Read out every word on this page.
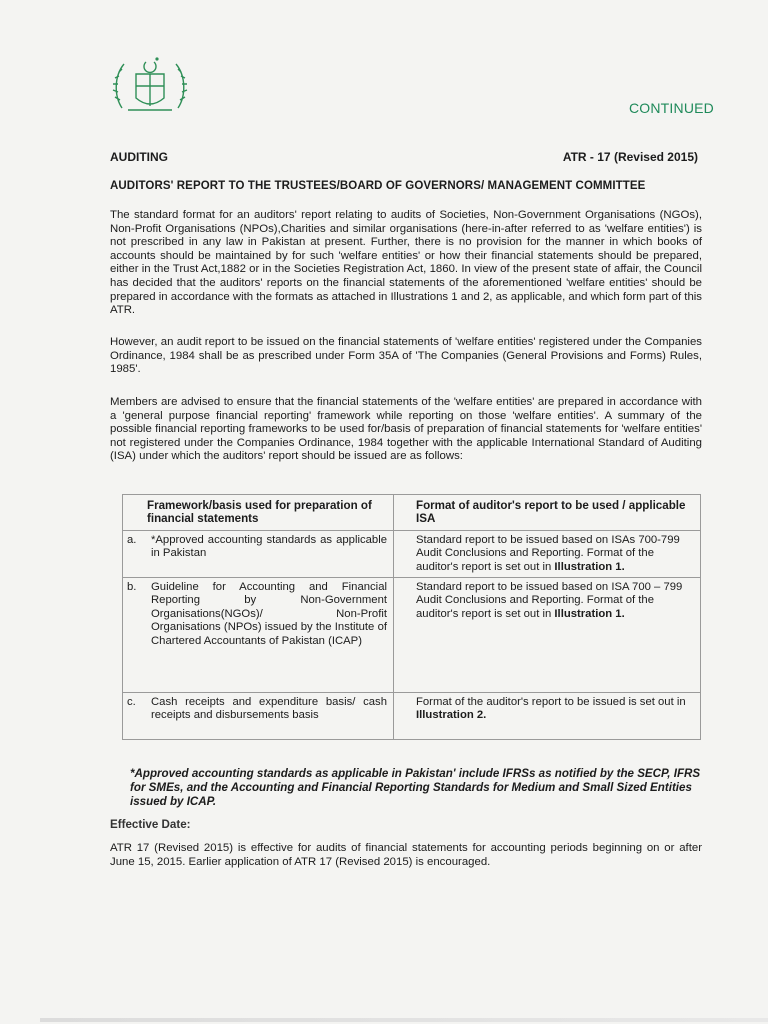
CONTINUED
AUDITING	ATR - 17 (Revised 2015)
AUDITORS' REPORT TO THE TRUSTEES/BOARD OF GOVERNORS/ MANAGEMENT COMMITTEE
The standard format for an auditors' report relating to audits of Societies, Non-Government Organisations (NGOs), Non-Profit Organisations (NPOs),Charities and similar organisations (here-in-after referred to as 'welfare entities') is not prescribed in any law in Pakistan at present. Further, there is no provision for the manner in which books of accounts should be maintained by for such 'welfare entities' or how their financial statements should be prepared, either in the Trust Act,1882 or in the Societies Registration Act, 1860. In view of the present state of affair, the Council has decided that the auditors' reports on the financial statements of the aforementioned 'welfare entities' should be prepared in accordance with the formats as attached in Illustrations 1 and 2, as applicable, and which form part of this ATR.
However, an audit report to be issued on the financial statements of 'welfare entities' registered under the Companies Ordinance, 1984 shall be as prescribed under Form 35A of 'The Companies (General Provisions and Forms) Rules, 1985'.
Members are advised to ensure that the financial statements of the 'welfare entities' are prepared in accordance with a 'general purpose financial reporting' framework while reporting on those 'welfare entities'. A summary of the possible financial reporting frameworks to be used for/basis of preparation of financial statements for 'welfare entities' not registered under the Companies Ordinance, 1984 together with the applicable International Standard of Auditing (ISA) under which the auditors' report should be issued are as follows:
Framework/basis used for preparation of financial statements		Format of auditor's report to be used / applicable ISA
a.	*Approved accounting standards as applicable in Pakistan	Standard report to be issued based on ISAs 700-799 Audit Conclusions and Reporting. Format of the auditor's report is set out in Illustration 1.
b.	Guideline for Accounting and Financial Reporting by Non-Government Organisations(NGOs)/ Non-Profit Organisations (NPOs) issued by the Institute of Chartered Accountants of Pakistan (ICAP)	Standard report to be issued based on ISA 700 – 799 Audit Conclusions and Reporting. Format of the auditor's report is set out in Illustration 1.
c.	Cash receipts and expenditure basis/ cash receipts and disbursements basis	Format of the auditor's report to be issued is set out in Illustration 2.
*Approved accounting standards as applicable in Pakistan' include IFRSs as notified by the SECP, IFRS for SMEs, and the Accounting and Financial Reporting Standards for Medium and Small Sized Entities issued by ICAP.
Effective Date:
ATR 17 (Revised 2015) is effective for audits of financial statements for accounting periods beginning on or after June 15, 2015. Earlier application of ATR 17 (Revised 2015) is encouraged.
